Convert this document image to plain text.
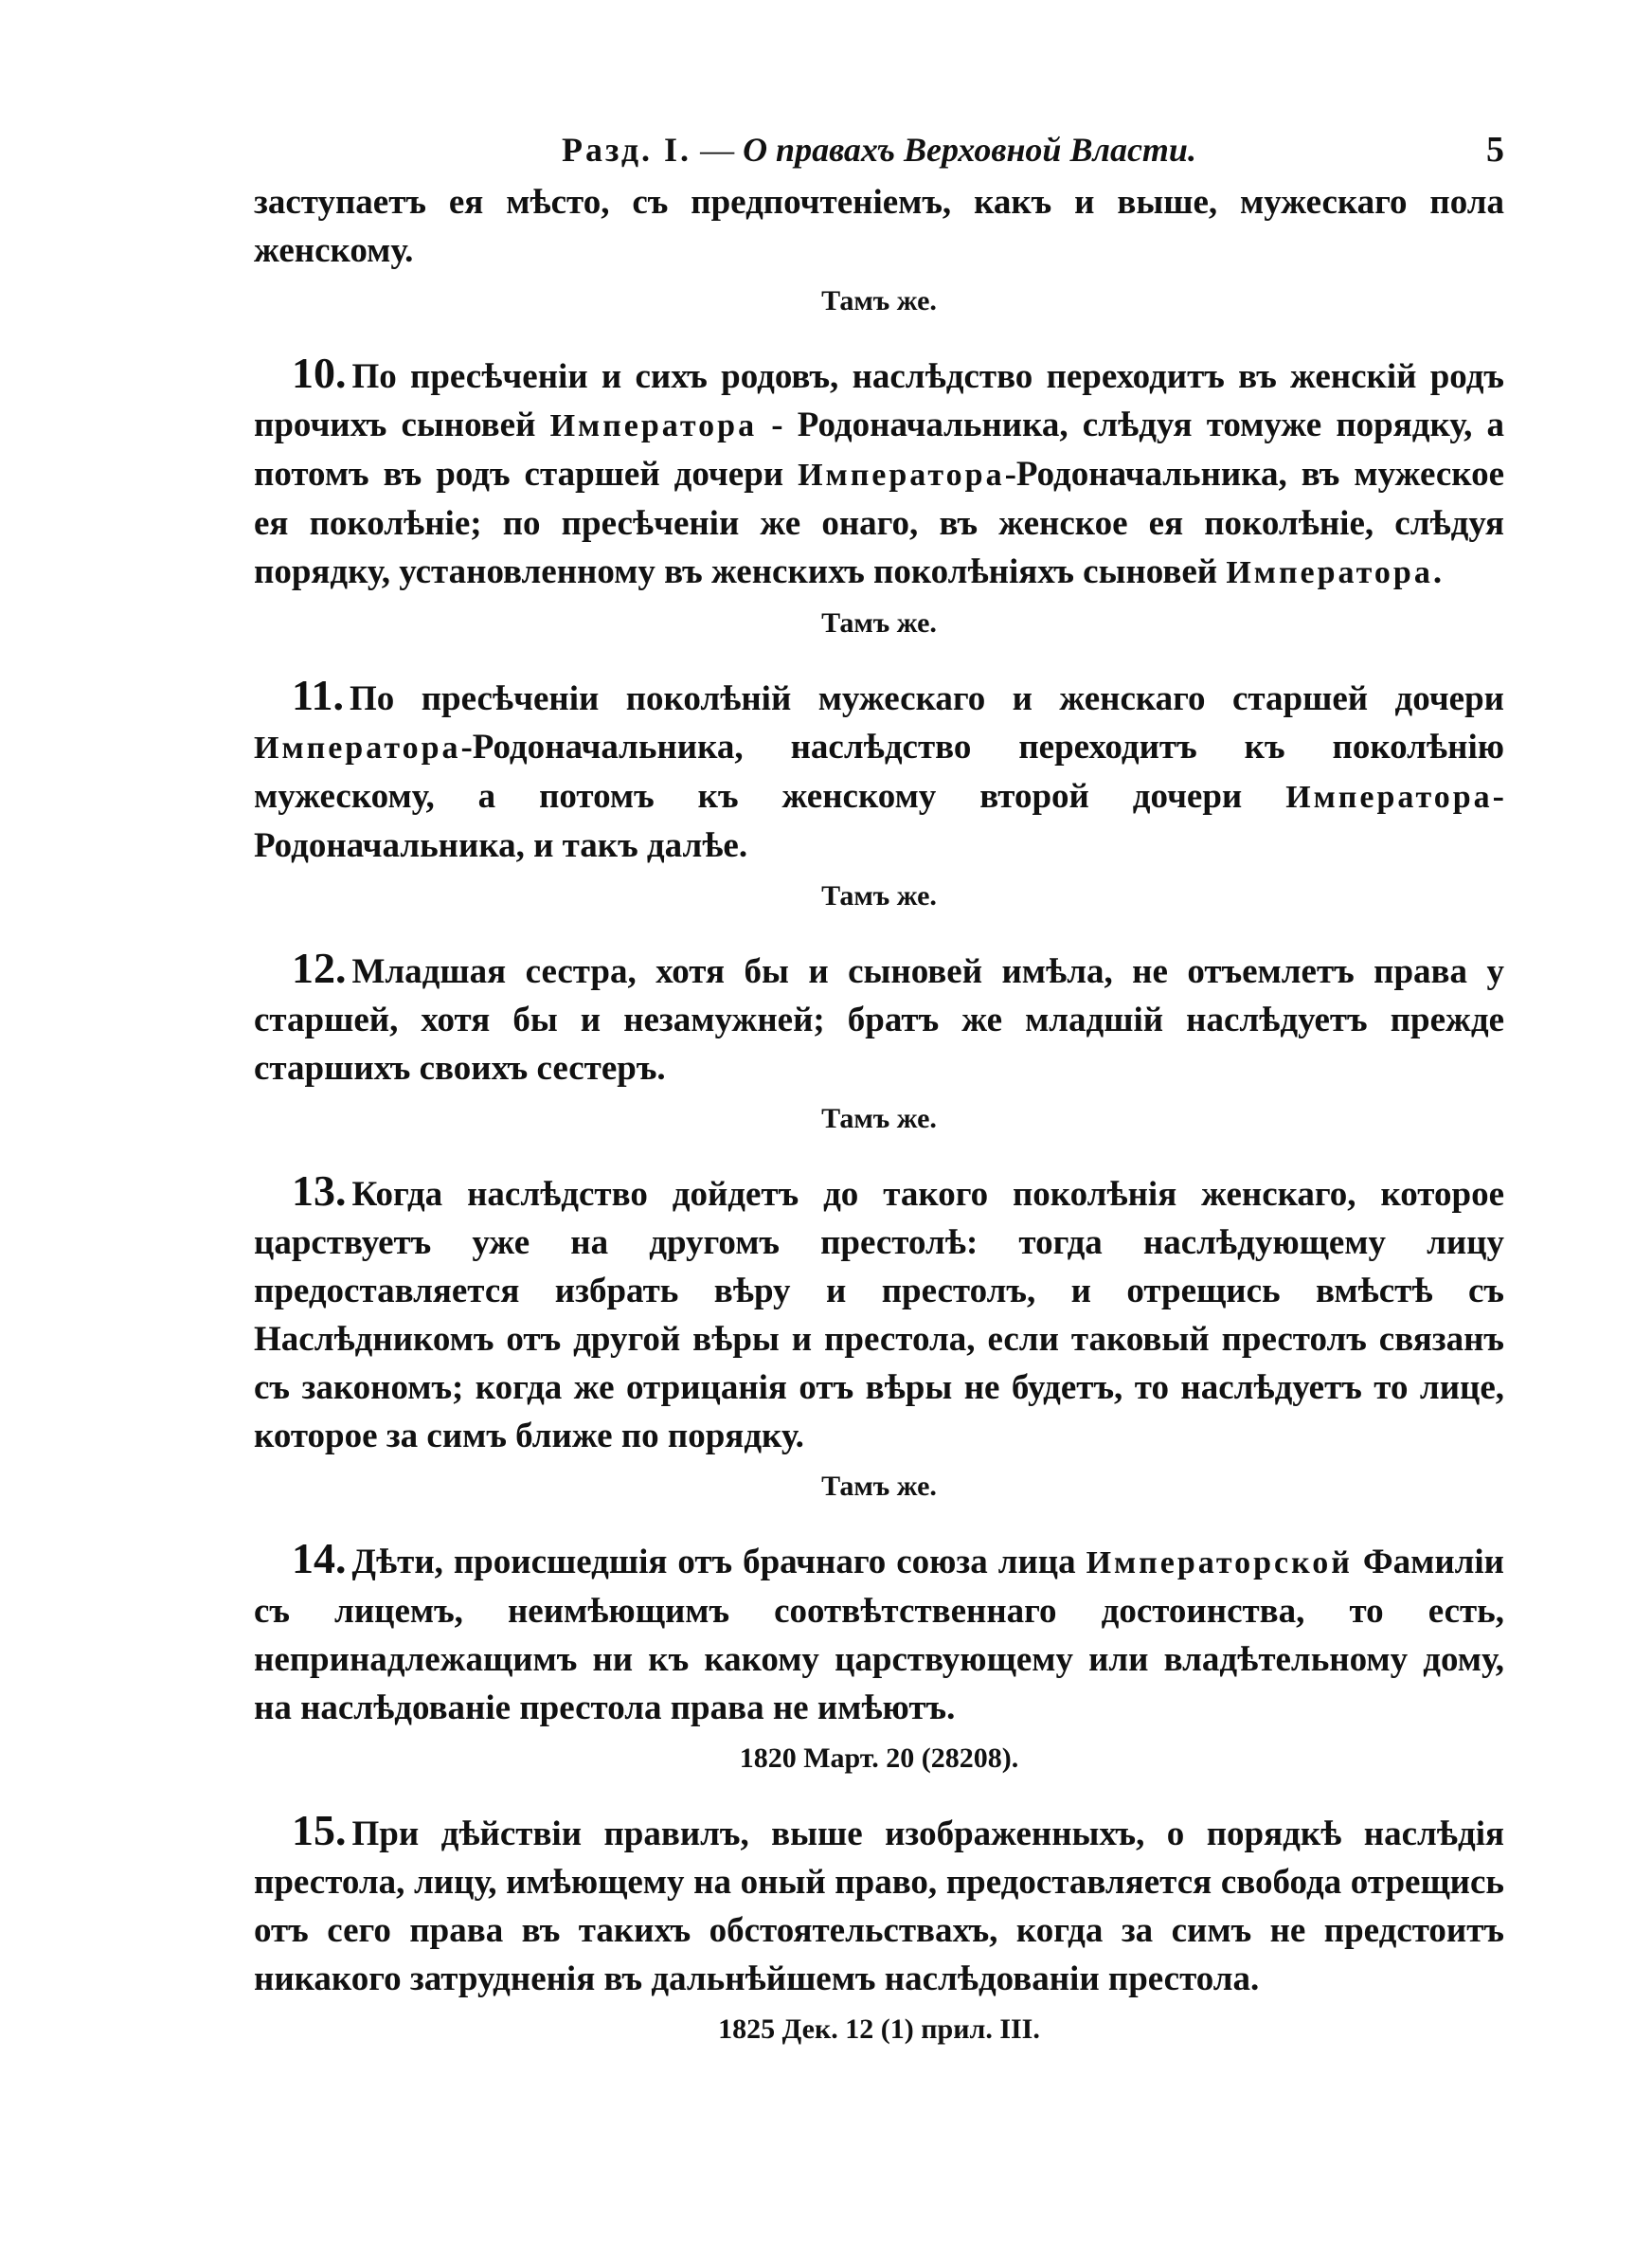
Разд. I. — О правахъ Верховной Власти.	5

заступаетъ ея мѣсто, съ предпочтеніемъ, какъ и выше, мужескаго пола женскому.

Тамъ же.

10. По пресѣченіи и сихъ родовъ, наслѣдство переходитъ въ женскій родъ прочихъ сыновей Императора - Родоначальника, слѣдуя томуже порядку, а потомъ въ родъ старшей дочери Императора-Родоначальника, въ мужеское ея поколѣніе; по пресѣченіи же онаго, въ женское ея поколѣніе, слѣдуя порядку, установленному въ женскихъ поколѣніяхъ сыновей Императора.

Тамъ же.

11. По пресѣченіи поколѣній мужескаго и женскаго старшей дочери Императора-Родоначальника, наслѣдство переходитъ къ поколѣнію мужескому, а потомъ къ женскому второй дочери Императора-Родоначальника, и такъ далѣе.

Тамъ же.

12. Младшая сестра, хотя бы и сыновей имѣла, не отъемлетъ права у старшей, хотя бы и незамужней; братъ же младшій наслѣдуетъ прежде старшихъ своихъ сестеръ.

Тамъ же.

13. Когда наслѣдство дойдетъ до такого поколѣнія женскаго, которое царствуетъ уже на другомъ престолѣ: тогда наслѣдующему лицу предоставляется избрать вѣру и престолъ, и отрещись вмѣстѣ съ Наслѣдникомъ отъ другой вѣры и престола, если таковый престолъ связанъ съ закономъ; когда же отрицанія отъ вѣры не будетъ, то наслѣдуетъ то лице, которое за симъ ближе по порядку.

Тамъ же.

14. Дѣти, происшедшія отъ брачнаго союза лица Императорской Фамиліи съ лицемъ, неимѣющимъ соотвѣтственнаго достоинства, то есть, непринадлежащимъ ни къ какому царствующему или владѣтельному дому, на наслѣдованіе престола права не имѣютъ.

1820 Март. 20 (28208).

15. При дѣйствіи правилъ, выше изображенныхъ, о порядкѣ наслѣдія престола, лицу, имѣющему на оный право, предоставляется свобода отрещись отъ сего права въ такихъ обстоятельствахъ, когда за симъ не предстоитъ никакого затрудненія въ дальнѣйшемъ наслѣдованіи престола.

1825 Дек. 12 (1) прил. III.
